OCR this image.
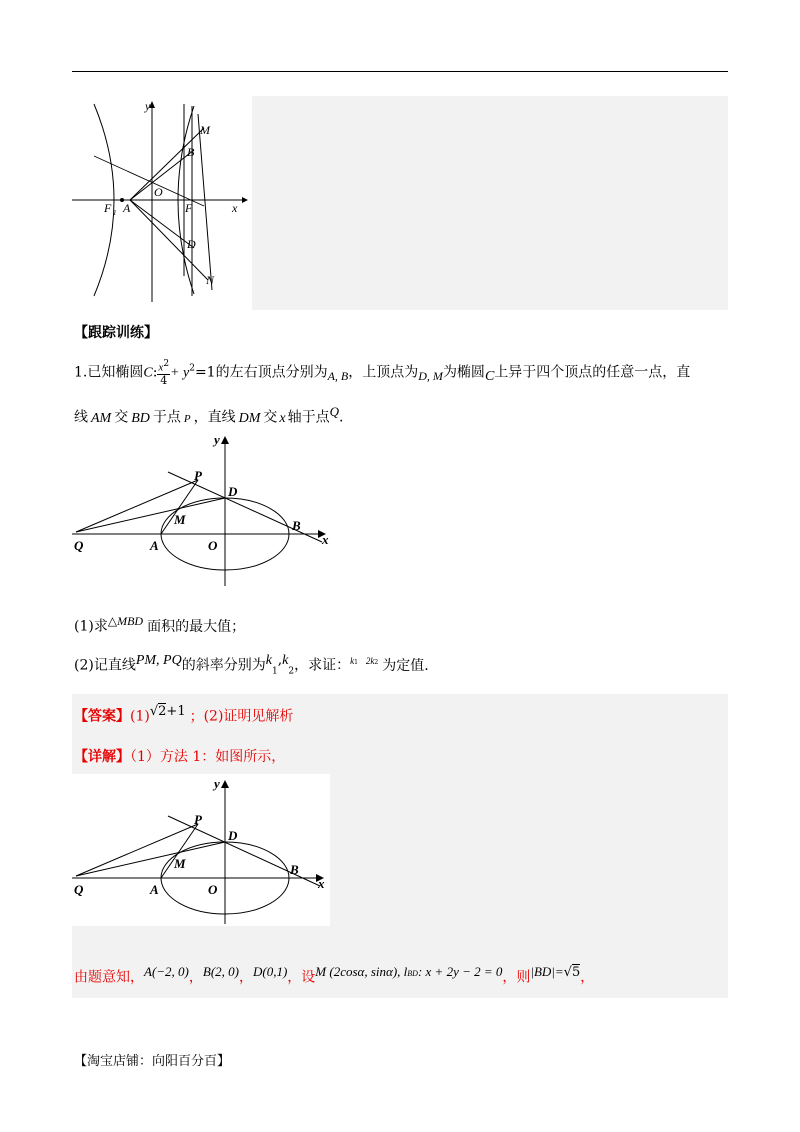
y
M
B
O
F 1 A	F	x
D
N
【跟踪训练】
1.已知椭圆C: $\frac{x^2}{4} + y^2=1$的左右顶点分别为A, B，上顶点为D, M为椭圆C上异于四个顶点的任意一点，直
线 AM 交 BD 于点 P ，直线 DM 交 x 轴于点Q.
y
P
D
M	B
x
Q	A	O
(1)求△MBD 面积的最大值；
(2)记直线PM, PQ的斜率分别为$k_1,k_2$，求证：$^{k1}$ $^{2k2}$ 为定值.
【答案】(1)√2+1 ；(2)证明见解析
【详解】（1）方法 1：如图所示，
y
P
D
M	B
x
Q	A	O
由题意知，A(−2, 0)，B(2, 0)，D(0,1)，设M (2cosα, sinα), $l^{BD}$: x + 2y − 2 = 0，则|BD|=√5，
【淘宝店铺：向阳百分百】
